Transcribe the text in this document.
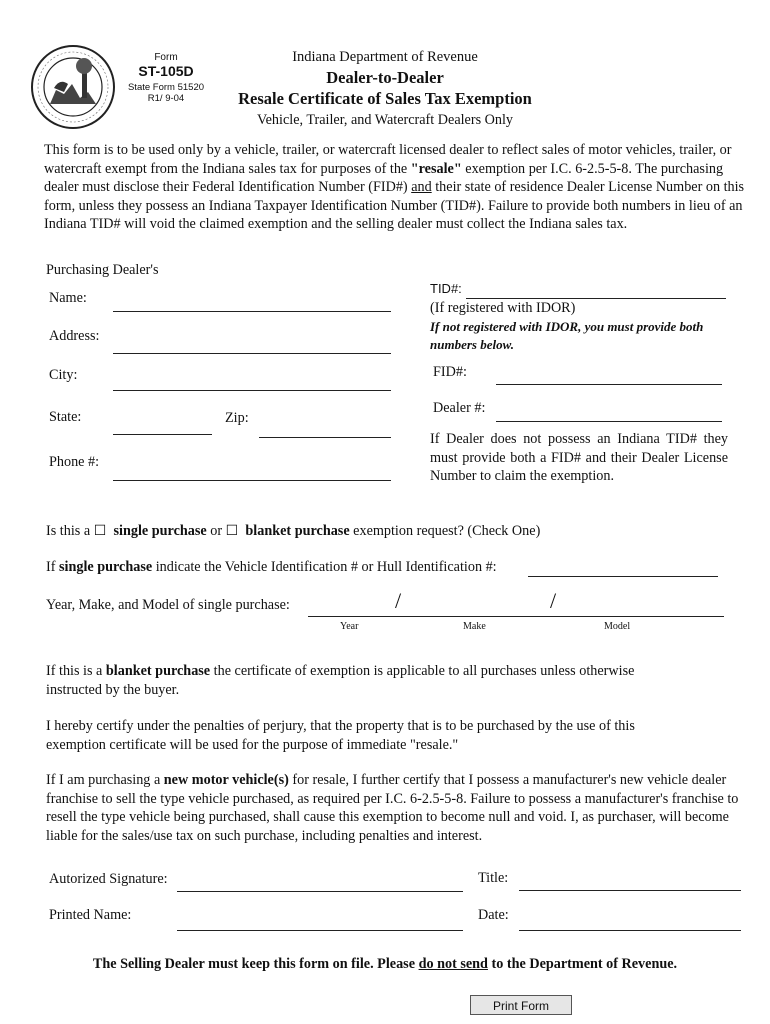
Form
ST-105D
State Form 51520
R1/ 9-04
Indiana Department of Revenue
Dealer-to-Dealer
Resale Certificate of Sales Tax Exemption
Vehicle, Trailer, and Watercraft Dealers Only
This form is to be used only by a vehicle, trailer, or watercraft licensed dealer to reflect sales of motor vehicles, trailer, or watercraft exempt from the Indiana sales tax for purposes of the "resale" exemption per I.C. 6-2.5-5-8. The purchasing dealer must disclose their Federal Identification Number (FID#) and their state of residence Dealer License Number on this form, unless they possess an Indiana Taxpayer Identification Number (TID#). Failure to provide both numbers in lieu of an Indiana TID# will void the claimed exemption and the selling dealer must collect the Indiana sales tax.
Purchasing Dealer's
Name:
Address:
City:
State:	Zip:
Phone #:
TID#:
(If registered with IDOR)
If not registered with IDOR, you must provide both numbers below.
FID#:
Dealer #:
If Dealer does not possess an Indiana TID# they must provide both a FID# and their Dealer License Number to claim the exemption.
Is this a ☐ single purchase or ☐ blanket purchase exemption request? (Check One)
If single purchase indicate the Vehicle Identification # or Hull Identification #:
Year, Make, and Model of single purchase:	/	/
Year	Make	Model
If this is a blanket purchase the certificate of exemption is applicable to all purchases unless otherwise instructed by the buyer.
I hereby certify under the penalties of perjury, that the property that is to be purchased by the use of this exemption certificate will be used for the purpose of immediate "resale."
If I am purchasing a new motor vehicle(s) for resale, I further certify that I possess a manufacturer's new vehicle dealer franchise to sell the type vehicle purchased, as required per I.C. 6-2.5-5-8. Failure to possess a manufacturer's franchise to resell the type vehicle being purchased, shall cause this exemption to become null and void. I, as purchaser, will become liable for the sales/use tax on such purchase, including penalties and interest.
Autorized Signature:	Title:
Printed Name:	Date:
The Selling Dealer must keep this form on file. Please do not send to the Department of Revenue.
Print Form
